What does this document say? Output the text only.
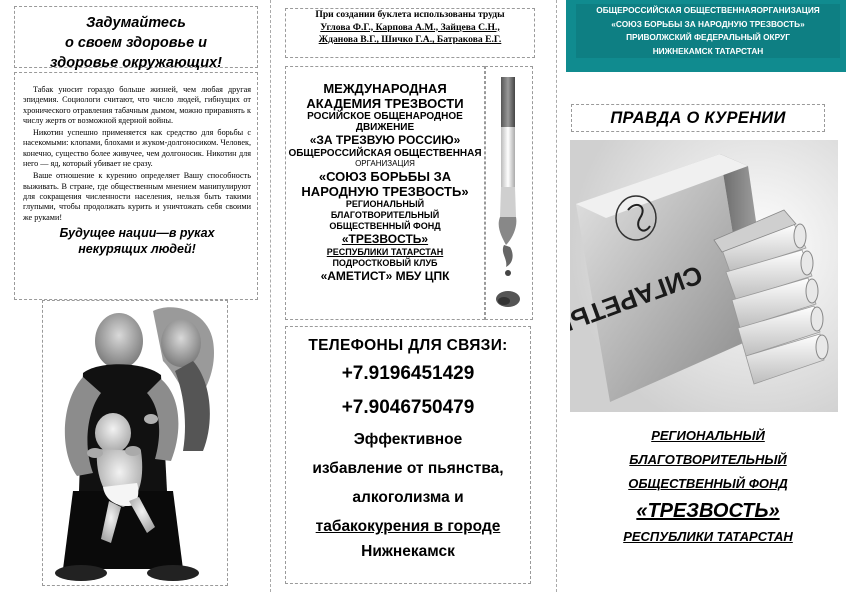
Задумайтесь
о своем здоровье и
здоровье окружающих!

Табак уносит гораздо больше жизней, чем любая другая эпидемия. Социологи считают, что число людей, гибнущих от хронического отравления табачным дымом, можно приравнять к числу жертв от возможной ядерной войны.

Никотин успешно применяется как средство для борьбы с насекомыми: клопами, блохами и жуком-долгоносиком. Человек, конечно, существо более живучее, чем долгоносик. Никотин для него — яд, который убивает не сразу.

Ваше отношение к курению определяет Вашу способность выживать. В стране, где общественным мнением манипулируют для сокращения численности населения, нельзя быть такими глупыми, чтобы продолжать курить и уничтожать себя своими же руками!

Будущее нации—в руках
некурящих людей!
При создании буклета использованы труды
Углова Ф.Г., Карпова А.М., Зайцева С.Н.,
Жданова В.Г., Шичко Г.А., Батракова Е.Г.
МЕЖДУНАРОДНАЯ
АКАДЕМИЯ ТРЕЗВОСТИ
РОСИЙСКОЕ ОБЩЕНАРОДНОЕ
ДВИЖЕНИЕ
«ЗА ТРЕЗВУЮ РОССИЮ»
ОБЩЕРОССИЙСКАЯ ОБЩЕСТВЕННАЯ
ОРГАНИЗАЦИЯ
«СОЮЗ БОРЬБЫ ЗА
НАРОДНУЮ ТРЕЗВОСТЬ»
РЕГИОНАЛЬНЫЙ
БЛАГОТВОРИТЕЛЬНЫЙ
ОБЩЕСТВЕННЫЙ ФОНД
«ТРЕЗВОСТЬ»
РЕСПУБЛИКИ ТАТАРСТАН
ПОДРОСТКОВЫЙ КЛУБ
«АМЕТИСТ» МБУ ЦПК
ТЕЛЕФОНЫ ДЛЯ СВЯЗИ:
+7.9196451429
+7.9046750479
Эффективное
избавление от пьянства,
алкоголизма и
табакокурения в городе
Нижнекамск
ОБЩЕРОССИЙСКАЯ ОБЩЕСТВЕННАЯОРГАНИЗАЦИЯ
«СОЮЗ БОРЬБЫ ЗА НАРОДНУЮ ТРЕЗВОСТЬ»
ПРИВОЛЖСКИЙ ФЕДЕРАЛЬНЫЙ ОКРУГ
НИЖНЕКАМСК ТАТАРСТАН
ПРАВДА О КУРЕНИИ
СИГАРЕТЫ
РЕГИОНАЛЬНЫЙ
БЛАГОТВОРИТЕЛЬНЫЙ
ОБЩЕСТВЕННЫЙ ФОНД
«ТРЕЗВОСТЬ»
РЕСПУБЛИКИ ТАТАРСТАН
